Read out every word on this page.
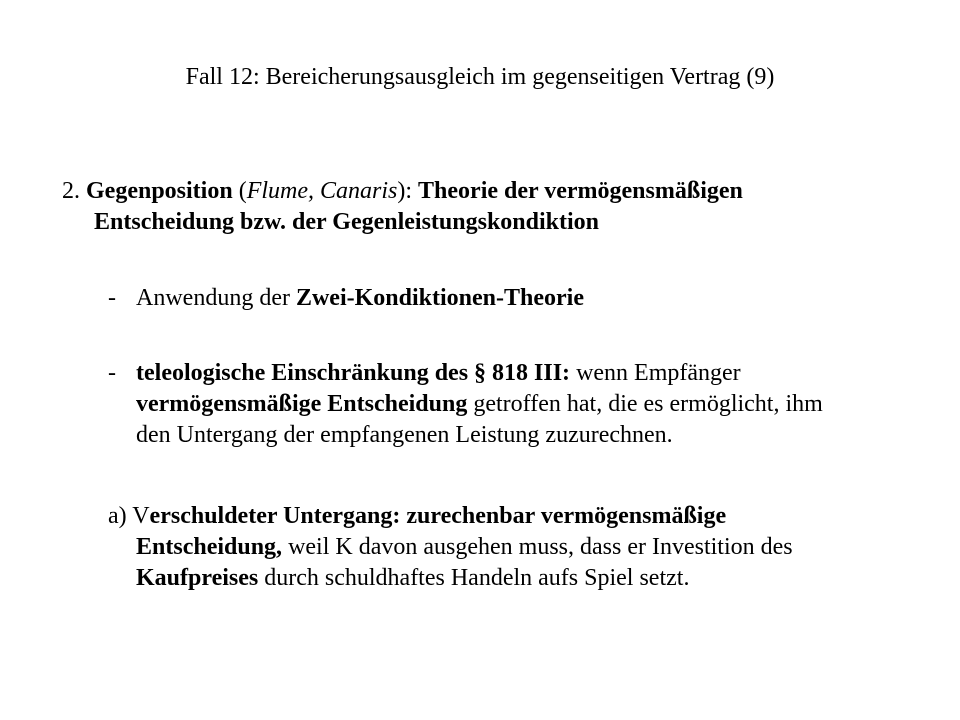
Fall 12: Bereicherungsausgleich im gegenseitigen Vertrag (9)
2. Gegenposition (Flume, Canaris): Theorie der vermögensmäßigen
Entscheidung bzw. der Gegenleistungskondiktion
- Anwendung der Zwei-Kondiktionen-Theorie
- teleologische Einschränkung des § 818 III: wenn Empfänger
vermögensmäßige Entscheidung getroffen hat, die es ermöglicht, ihm
den Untergang der empfangenen Leistung zuzurechnen.
a) Verschuldeter Untergang: zurechenbar vermögensmäßige
Entscheidung, weil K davon ausgehen muss, dass er Investition des
Kaufpreises durch schuldhaftes Handeln aufs Spiel setzt.
